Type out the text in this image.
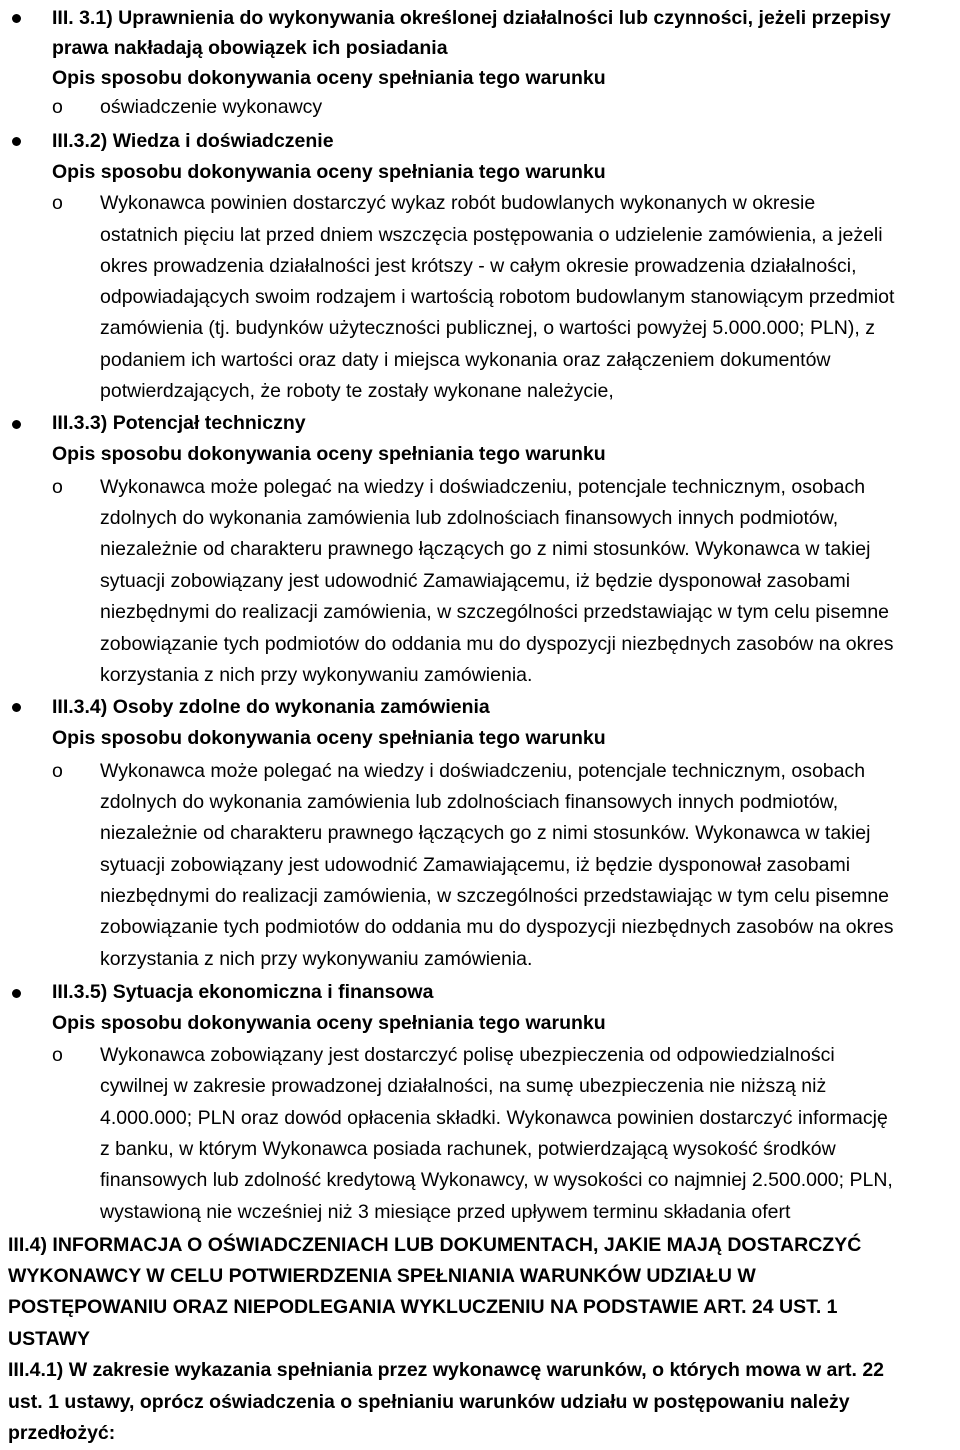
III. 3.1) Uprawnienia do wykonywania określonej działalności lub czynności, jeżeli przepisy
prawa nakładają obowiązek ich posiadania
Opis sposobu dokonywania oceny spełniania tego warunku
o oświadczenie wykonawcy
III.3.2) Wiedza i doświadczenie
Opis sposobu dokonywania oceny spełniania tego warunku
o Wykonawca powinien dostarczyć wykaz robót budowlanych wykonanych w okresie
ostatnich pięciu lat przed dniem wszczęcia postępowania o udzielenie zamówienia, a jeżeli
okres prowadzenia działalności jest krótszy - w całym okresie prowadzenia działalności,
odpowiadających swoim rodzajem i wartością robotom budowlanym stanowiącym przedmiot
zamówienia (tj. budynków użyteczności publicznej, o wartości powyżej 5.000.000; PLN), z
podaniem ich wartości oraz daty i miejsca wykonania oraz załączeniem dokumentów
potwierdzających, że roboty te zostały wykonane należycie,
III.3.3) Potencjał techniczny
Opis sposobu dokonywania oceny spełniania tego warunku
o Wykonawca może polegać na wiedzy i doświadczeniu, potencjale technicznym, osobach
zdolnych do wykonania zamówienia lub zdolnościach finansowych innych podmiotów,
niezależnie od charakteru prawnego łączących go z nimi stosunków. Wykonawca w takiej
sytuacji zobowiązany jest udowodnić Zamawiającemu, iż będzie dysponował zasobami
niezbędnymi do realizacji zamówienia, w szczególności przedstawiając w tym celu pisemne
zobowiązanie tych podmiotów do oddania mu do dyspozycji niezbędnych zasobów na okres
korzystania z nich przy wykonywaniu zamówienia.
III.3.4) Osoby zdolne do wykonania zamówienia
Opis sposobu dokonywania oceny spełniania tego warunku
o Wykonawca może polegać na wiedzy i doświadczeniu, potencjale technicznym, osobach
zdolnych do wykonania zamówienia lub zdolnościach finansowych innych podmiotów,
niezależnie od charakteru prawnego łączących go z nimi stosunków. Wykonawca w takiej
sytuacji zobowiązany jest udowodnić Zamawiającemu, iż będzie dysponował zasobami
niezbędnymi do realizacji zamówienia, w szczególności przedstawiając w tym celu pisemne
zobowiązanie tych podmiotów do oddania mu do dyspozycji niezbędnych zasobów na okres
korzystania z nich przy wykonywaniu zamówienia.
III.3.5) Sytuacja ekonomiczna i finansowa
Opis sposobu dokonywania oceny spełniania tego warunku
o Wykonawca zobowiązany jest dostarczyć polisę ubezpieczenia od odpowiedzialności
cywilnej w zakresie prowadzonej działalności, na sumę ubezpieczenia nie niższą niż
4.000.000; PLN oraz dowód opłacenia składki. Wykonawca powinien dostarczyć informację
z banku, w którym Wykonawca posiada rachunek, potwierdzającą wysokość środków
finansowych lub zdolność kredytową Wykonawcy, w wysokości co najmniej 2.500.000; PLN,
wystawioną nie wcześniej niż 3 miesiące przed upływem terminu składania ofert
III.4) INFORMACJA O OŚWIADCZENIACH LUB DOKUMENTACH, JAKIE MAJĄ DOSTARCZYĆ
WYKONAWCY W CELU POTWIERDZENIA SPEŁNIANIA WARUNKÓW UDZIAŁU W
POSTĘPOWANIU ORAZ NIEPODLEGANIA WYKLUCZENIU NA PODSTAWIE ART. 24 UST. 1
USTAWY
III.4.1) W zakresie wykazania spełniania przez wykonawcę warunków, o których mowa w art. 22
ust. 1 ustawy, oprócz oświadczenia o spełnianiu warunków udziału w postępowaniu należy
przedłożyć:
